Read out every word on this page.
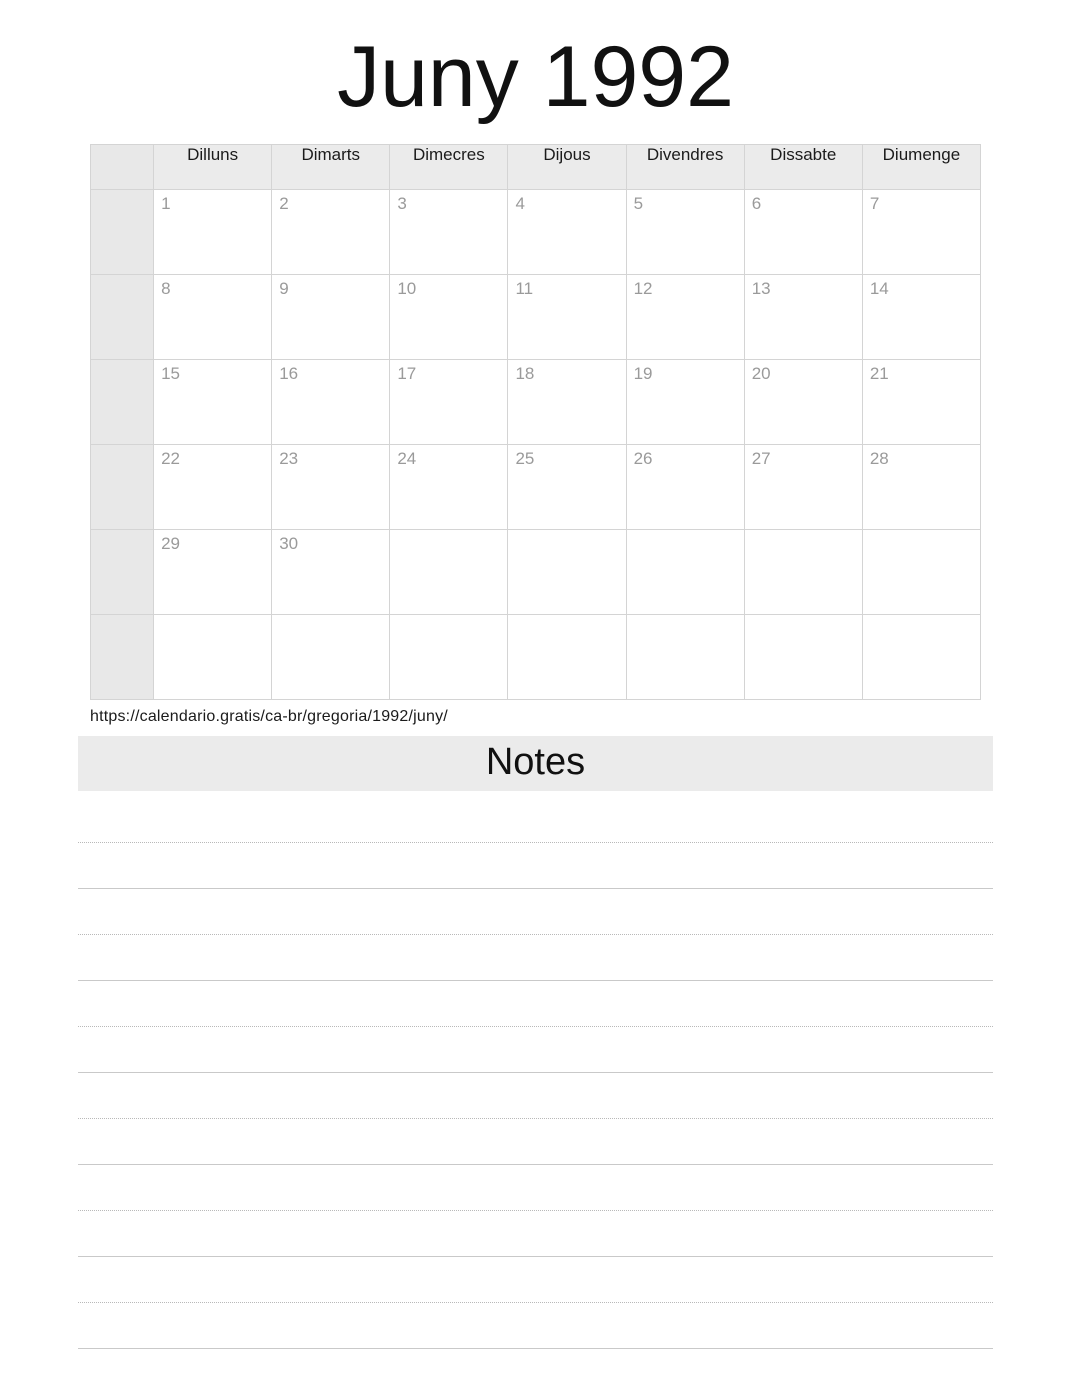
Juny 1992
	Dilluns	Dimarts	Dimecres	Dijous	Divendres	Dissabte	Diumenge

	1	2	3	4	5	6	7

	8	9	10	11	12	13	14

	15	16	17	18	19	20	21

	22	23	24	25	26	27	28

	29	30					

https://calendario.gratis/ca-br/gregoria/1992/juny/
Notes
